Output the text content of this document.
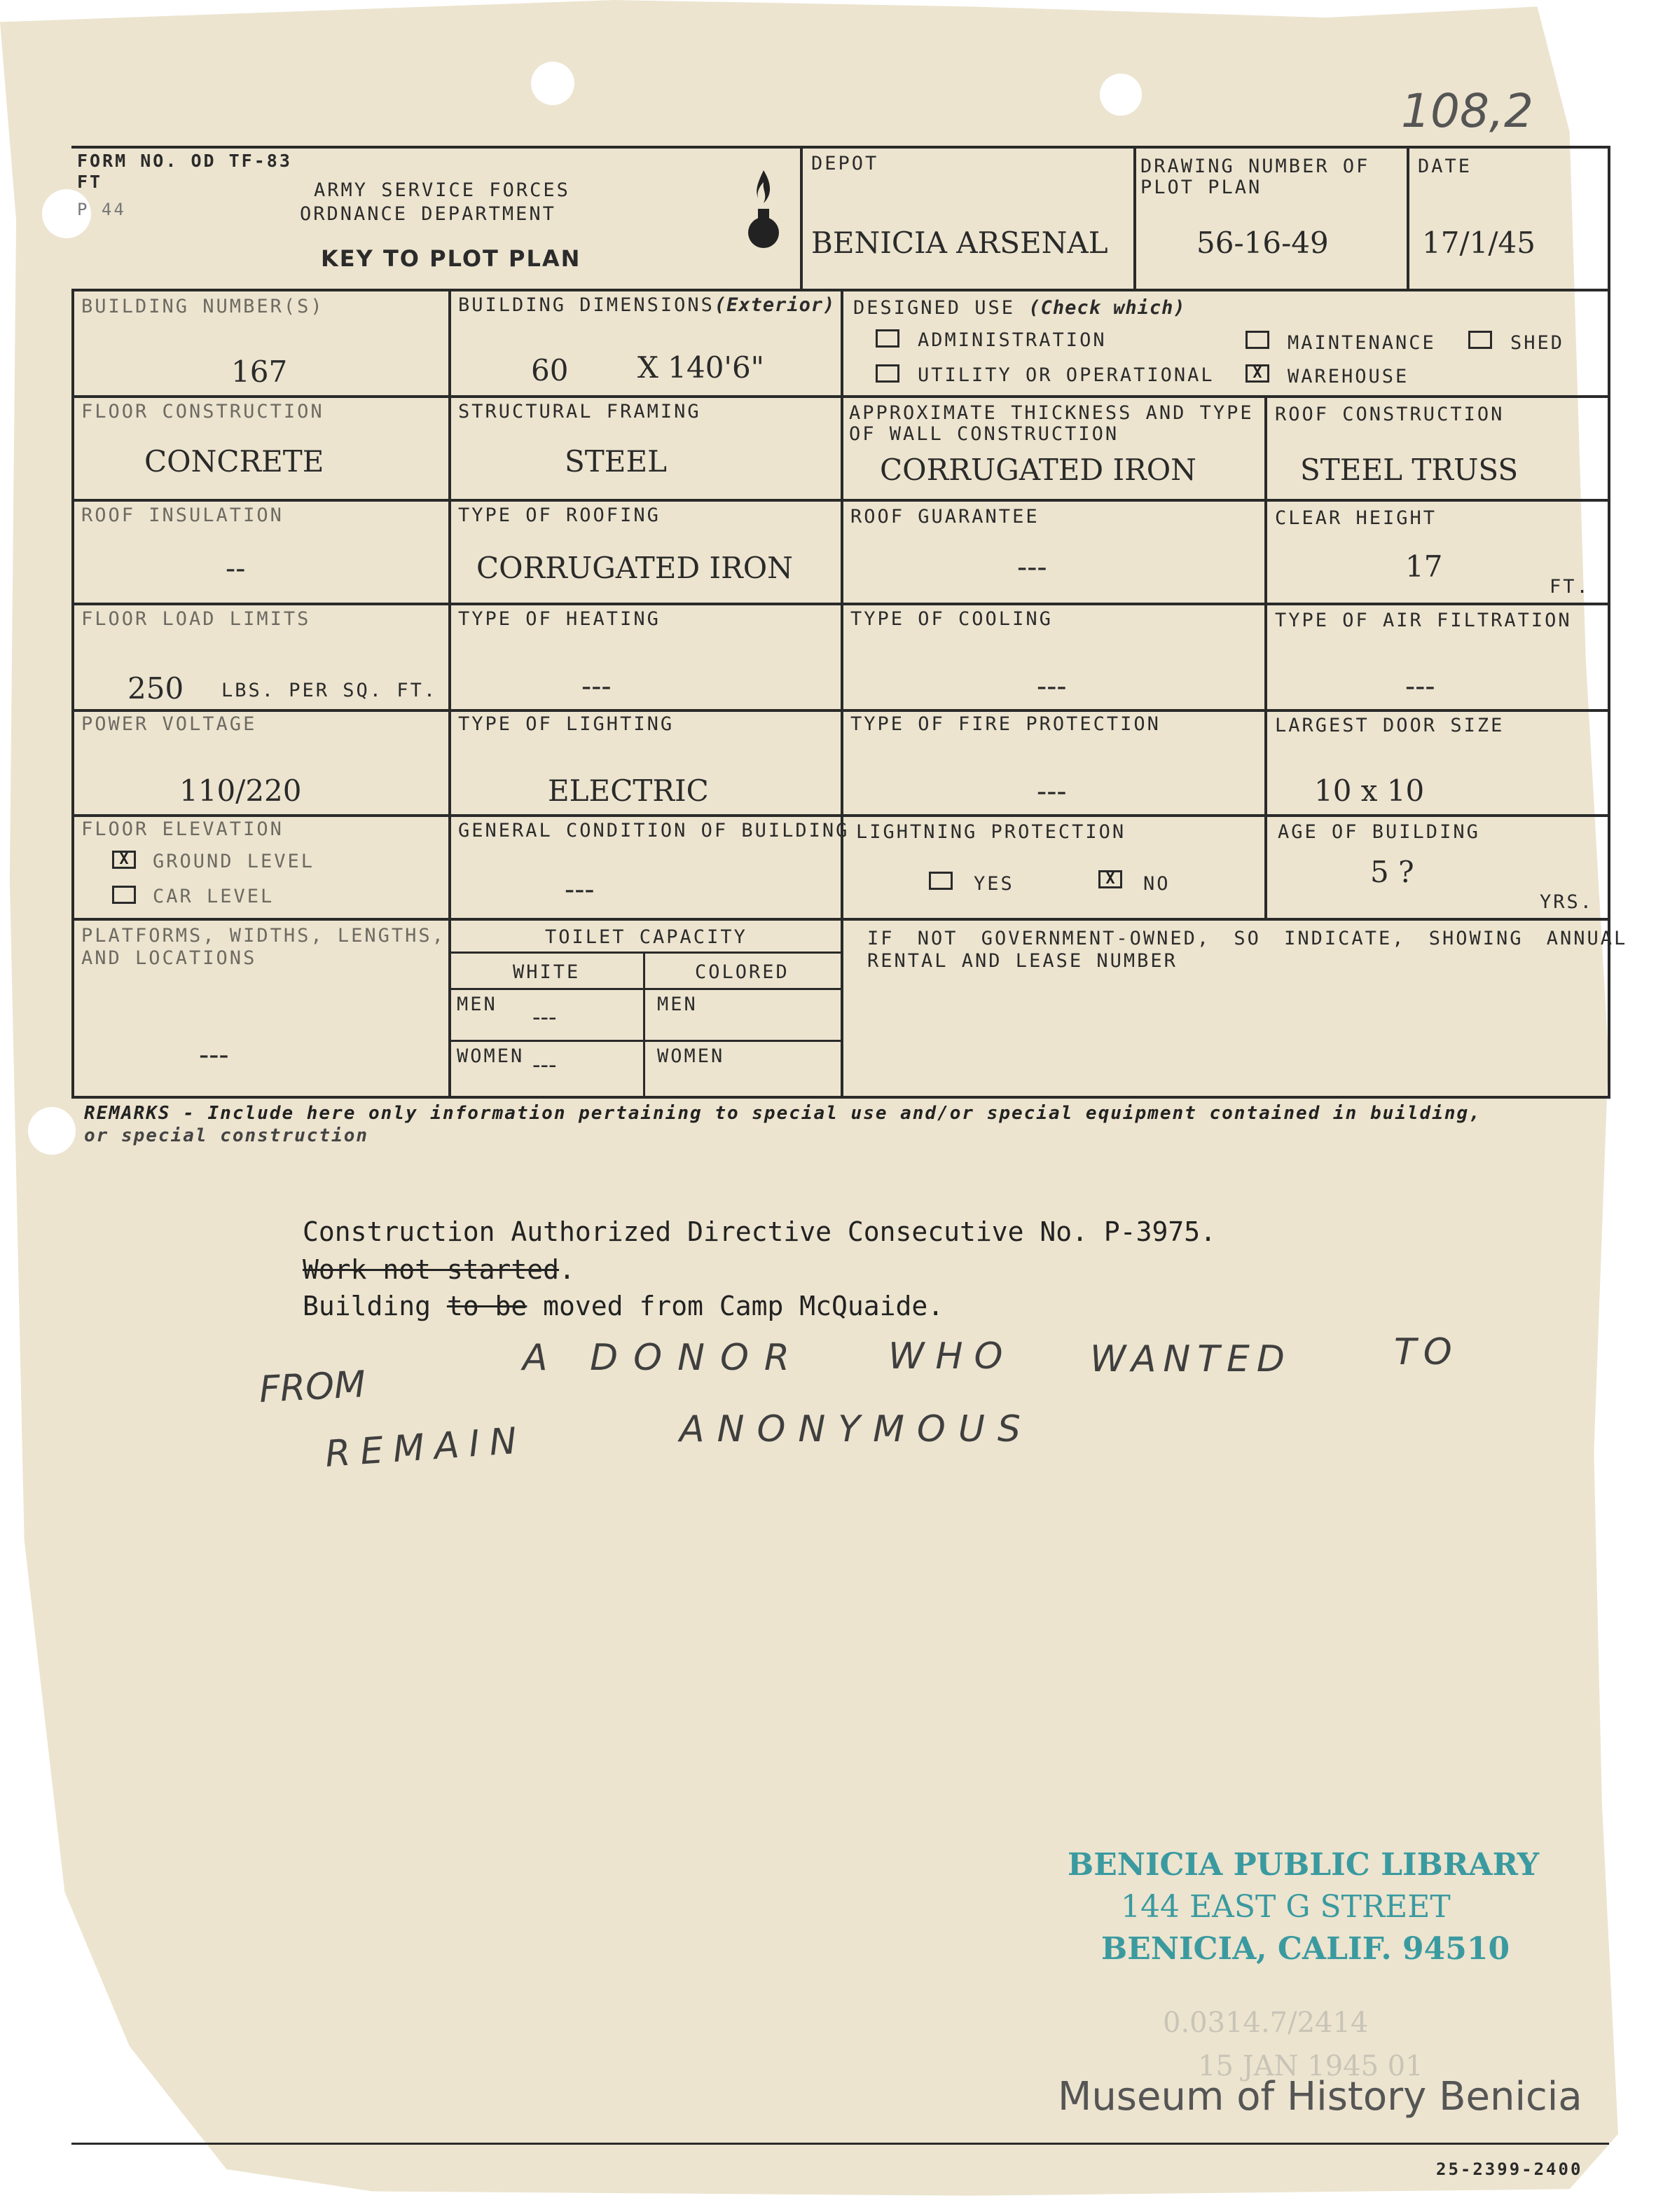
108,2
FORM NO. OD TF-83
FT
P 44
ARMY SERVICE FORCES
ORDNANCE DEPARTMENT
KEY TO PLOT PLAN
DEPOT
BENICIA ARSENAL
DRAWING NUMBER OF
PLOT PLAN
56-16-49
DATE
17/1/45
BUILDING NUMBER(S)
167
BUILDING DIMENSIONS(Exterior)
60 X 140'6"
DESIGNED USE (Check which)
ADMINISTRATION	MAINTENANCE	SHED
UTILITY OR OPERATIONAL	X	WAREHOUSE
FLOOR CONSTRUCTION
CONCRETE
STRUCTURAL FRAMING
STEEL
APPROXIMATE THICKNESS AND TYPE
OF WALL CONSTRUCTION
CORRUGATED IRON
ROOF CONSTRUCTION
STEEL TRUSS
ROOF INSULATION
--
TYPE OF ROOFING
CORRUGATED IRON
ROOF GUARANTEE
---
CLEAR HEIGHT
17
FT.
FLOOR LOAD LIMITS
250 LBS. PER SQ. FT.
TYPE OF HEATING
---
TYPE OF COOLING
---
TYPE OF AIR FILTRATION
---
POWER VOLTAGE
110/220
TYPE OF LIGHTING
ELECTRIC
TYPE OF FIRE PROTECTION
---
LARGEST DOOR SIZE
10 x 10
FLOOR ELEVATION
X	GROUND LEVEL
CAR LEVEL
GENERAL CONDITION OF BUILDING
---
LIGHTNING PROTECTION
YES	X	NO
AGE OF BUILDING
5 ?
YRS.
PLATFORMS, WIDTHS, LENGTHS,
AND LOCATIONS
---
TOILET CAPACITY
WHITE	COLORED
MEN ---	MEN
WOMEN ---	WOMEN
IF NOT GOVERNMENT-OWNED, SO INDICATE, SHOWING ANNUAL
RENTAL AND LEASE NUMBER
REMARKS - Include here only information pertaining to special use and/or special equipment contained in building,
or special construction
Construction Authorized Directive Consecutive No. P-3975.
Work not started.
Building to be moved from Camp McQuaide.
FROM
A DONOR WHO WANTED	TO
REMAIN	ANONYMOUS
BENICIA PUBLIC LIBRARY
144 EAST G STREET
BENICIA, CALIF. 94510
0.0314.7/2414
15 JAN 1945 01
Museum of History Benicia
25-2399-2400
